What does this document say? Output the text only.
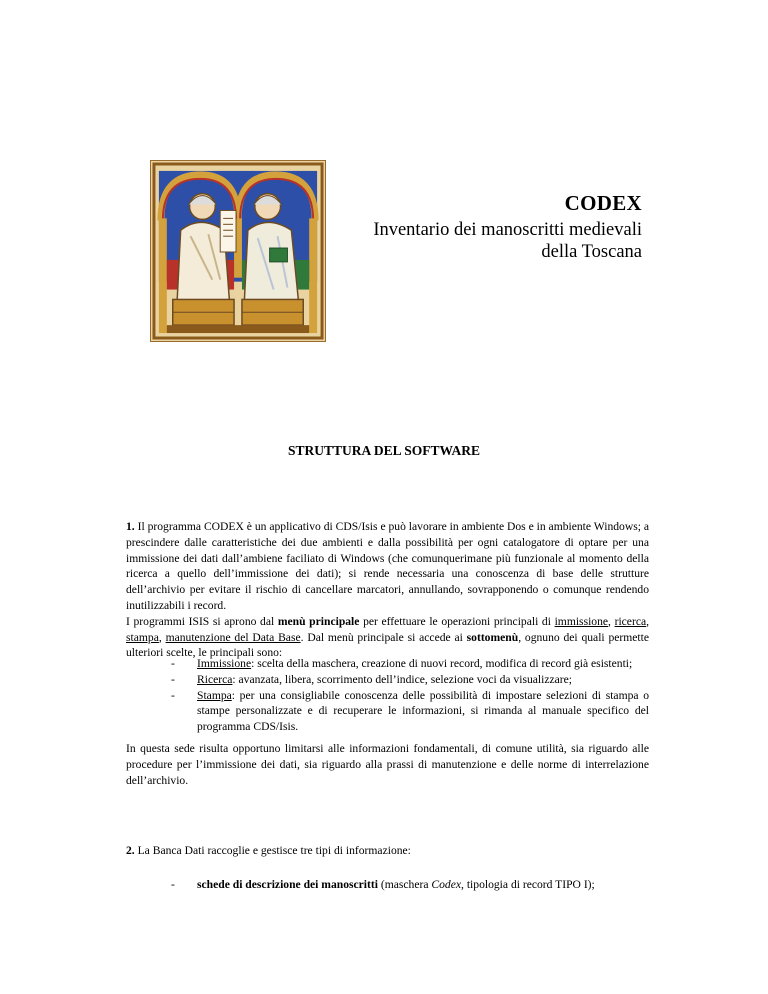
CODEX
Inventario dei manoscritti medievali
della Toscana
STRUTTURA DEL SOFTWARE
1. Il programma CODEX è un applicativo di CDS/Isis e può lavorare in ambiente Dos e in ambiente Windows; a prescindere dalle caratteristiche dei due ambienti e dalla possibilità per ogni catalogatore di optare per una immissione dei dati dall’ambiene faciliato di Windows (che comunquerimane più funzionale al momento della ricerca a quello dell’immissione dei dati); si rende necessaria una conoscenza di base delle strutture dell’archivio per evitare il rischio di cancellare marcatori, annullando, sovrapponendo o comunque rendendo inutilizzabili i record.
I programmi ISIS si aprono dal menù principale per effettuare le operazioni principali di immissione, ricerca, stampa, manutenzione del Data Base. Dal menù principale si accede ai sottomenù, ognuno dei quali permette ulteriori scelte, le principali sono:
- Immissione: scelta della maschera, creazione di nuovi record, modifica di record già esistenti;
- Ricerca: avanzata, libera, scorrimento dell’indice, selezione voci da visualizzare;
- Stampa: per una consigliabile conoscenza delle possibilità di impostare selezioni di stampa o stampe personalizzate e di recuperare le informazioni, si rimanda al manuale specifico del programma CDS/Isis.
In questa sede risulta opportuno limitarsi alle informazioni fondamentali, di comune utilità, sia riguardo alle procedure per l’immissione dei dati, sia riguardo alla prassi di manutenzione e delle norme di interrelazione dell’archivio.
2. La Banca Dati raccoglie e gestisce tre tipi di informazione:
- schede di descrizione dei manoscritti (maschera Codex, tipologia di record TIPO I);
